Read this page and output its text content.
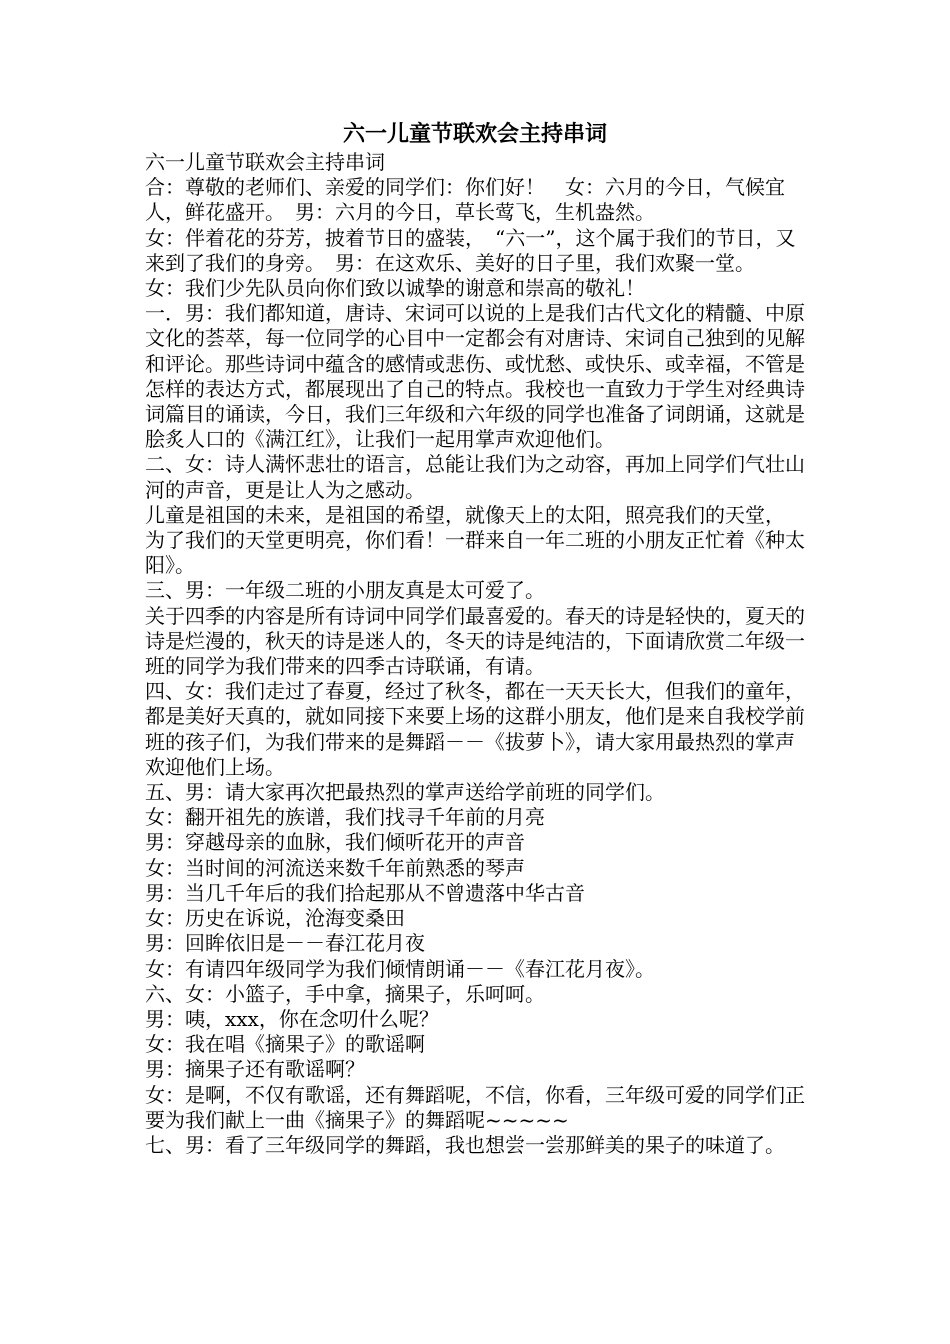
六一儿童节联欢会主持串词

六一儿童节联欢会主持串词

合：尊敬的老师们、亲爱的同学们：你们好！　女：六月的今日，气候宜人，鲜花盛开。　男：六月的今日，草长莺飞，生机盎然。

女：伴着花的芬芳，披着节日的盛装，　“六一”，这个属于我们的节日，又来到了我们的身旁。　男：在这欢乐、美好的日子里，我们欢聚一堂。

女：我们少先队员向你们致以诚挚的谢意和崇高的敬礼！

一．男：我们都知道，唐诗、宋词可以说的上是我们古代文化的精髓、中原文化的荟萃，每一位同学的心目中一定都会有对唐诗、宋词自己独到的见解和评论。那些诗词中蕴含的感情或悲伤、或忧愁、或快乐、或幸福，不管是怎样的表达方式，都展现出了自己的特点。我校也一直致力于学生对经典诗词篇目的诵读，今日，我们三年级和六年级的同学也准备了词朗诵，这就是脍炙人口的《满江红》，让我们一起用掌声欢迎他们。

二、女：诗人满怀悲壮的语言，总能让我们为之动容，再加上同学们气壮山河的声音，更是让人为之感动。

儿童是祖国的未来，是祖国的希望，就像天上的太阳，照亮我们的天堂，　为了我们的天堂更明亮，你们看！一群来自一年二班的小朋友正忙着《种太阳》。

三、男：一年级二班的小朋友真是太可爱了。

关于四季的内容是所有诗词中同学们最喜爱的。春天的诗是轻快的，夏天的诗是烂漫的，秋天的诗是迷人的，冬天的诗是纯洁的，下面请欣赏二年级一班的同学为我们带来的四季古诗联诵，有请。

四、女：我们走过了春夏，经过了秋冬，都在一天天长大，但我们的童年，都是美好天真的，就如同接下来要上场的这群小朋友，他们是来自我校学前班的孩子们，为我们带来的是舞蹈－－《拔萝卜》，请大家用最热烈的掌声欢迎他们上场。

五、男：请大家再次把最热烈的掌声送给学前班的同学们。

女：翻开祖先的族谱，我们找寻千年前的月亮

男：穿越母亲的血脉，我们倾听花开的声音

女：当时间的河流送来数千年前熟悉的琴声

男：当几千年后的我们拾起那从不曾遗落中华古音

女：历史在诉说，沧海变桑田

男：回眸依旧是－－春江花月夜

女：有请四年级同学为我们倾情朗诵－－《春江花月夜》。

六、女：小篮子，手中拿，摘果子，乐呵呵。

男：咦，xxx，你在念叨什么呢？

女：我在唱《摘果子》的歌谣啊

男：摘果子还有歌谣啊？

女：是啊，不仅有歌谣，还有舞蹈呢，不信，你看，三年级可爱的同学们正要为我们献上一曲《摘果子》的舞蹈呢~~~~~

七、男：看了三年级同学的舞蹈，我也想尝一尝那鲜美的果子的味道了。
